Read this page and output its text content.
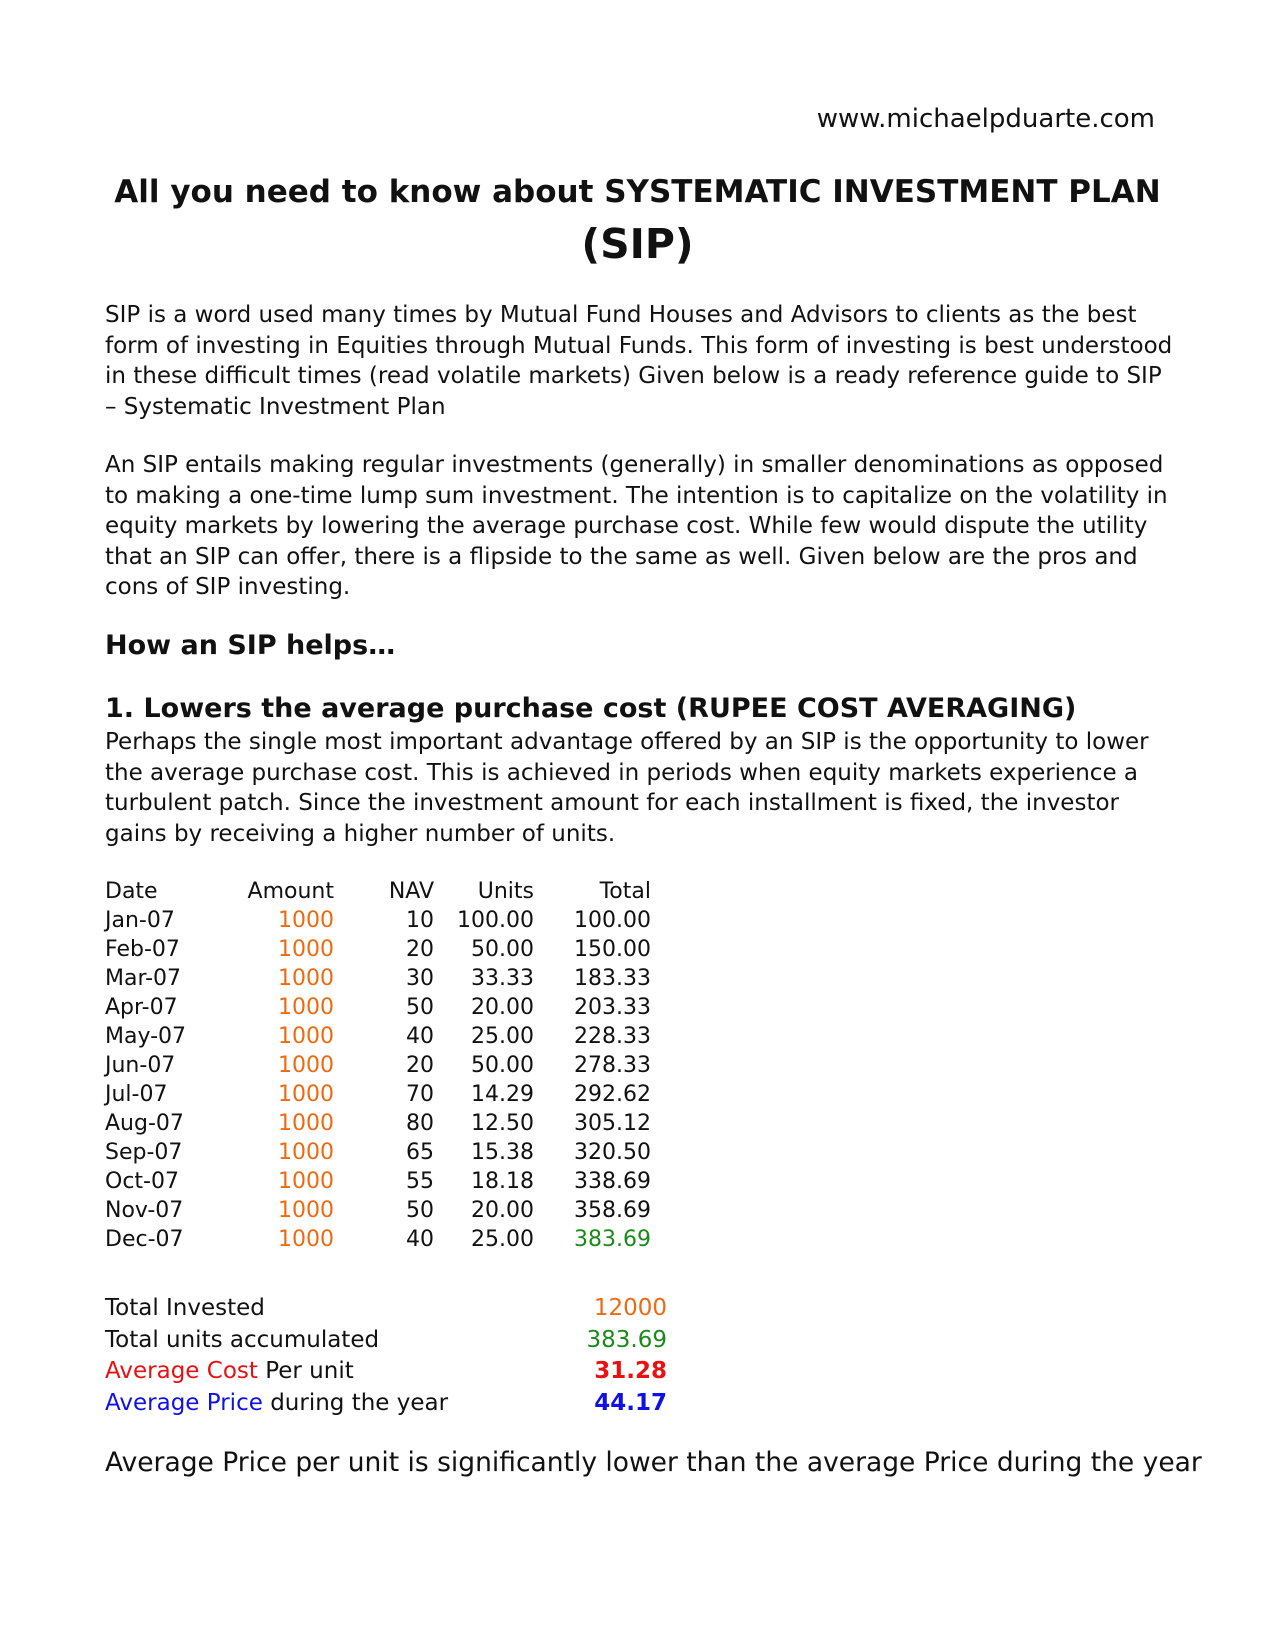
www.michaelpduarte.com
All you need to know about SYSTEMATIC INVESTMENT PLAN
(SIP)

SIP is a word used many times by Mutual Fund Houses and Advisors to clients as the best form of investing in Equities through Mutual Funds. This form of investing is best understood in these difficult times (read volatile markets) Given below is a ready reference guide to SIP – Systematic Investment Plan

An SIP entails making regular investments (generally) in smaller denominations as opposed to making a one-time lump sum investment. The intention is to capitalize on the volatility in equity markets by lowering the average purchase cost. While few would dispute the utility that an SIP can offer, there is a flipside to the same as well. Given below are the pros and cons of SIP investing.

How an SIP helps…
1. Lowers the average purchase cost (RUPEE COST AVERAGING)

Perhaps the single most important advantage offered by an SIP is the opportunity to lower the average purchase cost. This is achieved in periods when equity markets experience a turbulent patch. Since the investment amount for each installment is fixed, the investor gains by receiving a higher number of units.

Date	Amount	NAV	Units	Total
Jan-07	1000	10	100.00	100.00
Feb-07	1000	20	50.00	150.00
Mar-07	1000	30	33.33	183.33
Apr-07	1000	50	20.00	203.33
May-07	1000	40	25.00	228.33
Jun-07	1000	20	50.00	278.33
Jul-07	1000	70	14.29	292.62
Aug-07	1000	80	12.50	305.12
Sep-07	1000	65	15.38	320.50
Oct-07	1000	55	18.18	338.69
Nov-07	1000	50	20.00	358.69
Dec-07	1000	40	25.00	383.69
Total Invested	12000
Total units accumulated	383.69
Average Cost Per unit	31.28
Average Price during the year	44.17

Average Price per unit is significantly lower than the average Price during the year
